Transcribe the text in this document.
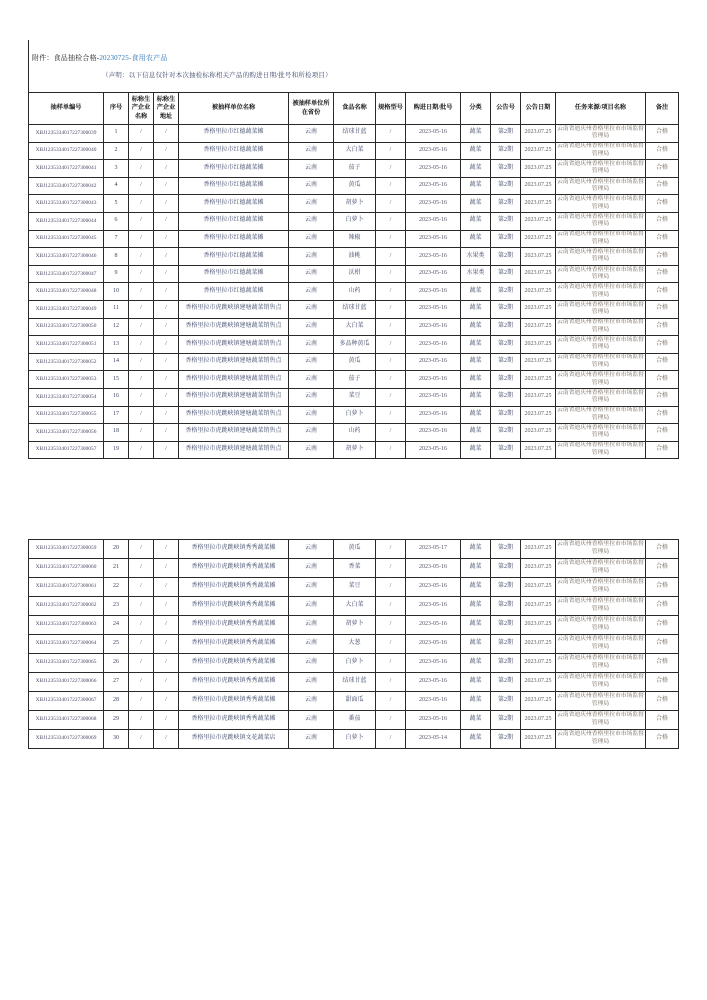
附件：食品抽检合格-20230725-食用农产品
（声明：以下信息仅针对本次抽检标称相关产品的购进日期/批号和所检项目）
抽样单编号	序号	标称生产企业名称	标称生产企业地址	被抽样单位名称	被抽样单位所在省份	食品名称	规格型号	购进日期/批号	分类	公告号	公告日期	任务来源/项目名称	备注
XBJ1235334017227300039	1	/	/	香格里拉市红德蔬菜摊	云南	结球甘蓝	/	2023-05-16	蔬菜	第2期	2023.07.25	云南省迪庆州香格里拉市市场监督管理局	合格
XBJ1235334017227300040	2	/	/	香格里拉市红德蔬菜摊	云南	大白菜	/	2023-05-16	蔬菜	第2期	2023.07.25	云南省迪庆州香格里拉市市场监督管理局	合格
XBJ1235334017227300041	3	/	/	香格里拉市红德蔬菜摊	云南	茄子	/	2023-05-16	蔬菜	第2期	2023.07.25	云南省迪庆州香格里拉市市场监督管理局	合格
XBJ1235334017227300042	4	/	/	香格里拉市红德蔬菜摊	云南	黄瓜	/	2023-05-16	蔬菜	第2期	2023.07.25	云南省迪庆州香格里拉市市场监督管理局	合格
XBJ1235334017227300043	5	/	/	香格里拉市红德蔬菜摊	云南	胡萝卜	/	2023-05-16	蔬菜	第2期	2023.07.25	云南省迪庆州香格里拉市市场监督管理局	合格
XBJ1235334017227300044	6	/	/	香格里拉市红德蔬菜摊	云南	白萝卜	/	2023-05-16	蔬菜	第2期	2023.07.25	云南省迪庆州香格里拉市市场监督管理局	合格
XBJ1235334017227300045	7	/	/	香格里拉市红德蔬菜摊	云南	辣椒	/	2023-05-16	蔬菜	第2期	2023.07.25	云南省迪庆州香格里拉市市场监督管理局	合格
XBJ1235334017227300046	8	/	/	香格里拉市红德蔬菜摊	云南	油桃	/	2023-05-16	水果类	第2期	2023.07.25	云南省迪庆州香格里拉市市场监督管理局	合格
XBJ1235334017227300047	9	/	/	香格里拉市红德蔬菜摊	云南	沃柑	/	2023-05-16	水果类	第2期	2023.07.25	云南省迪庆州香格里拉市市场监督管理局	合格
XBJ1235334017227300048	10	/	/	香格里拉市红德蔬菜摊	云南	山药	/	2023-05-16	蔬菜	第2期	2023.07.25	云南省迪庆州香格里拉市市场监督管理局	合格
XBJ1235334017227300049	11	/	/	香格里拉市虎跳峡镇建塘蔬菜销售点	云南	结球甘蓝	/	2023-05-16	蔬菜	第2期	2023.07.25	云南省迪庆州香格里拉市市场监督管理局	合格
XBJ1235334017227300050	12	/	/	香格里拉市虎跳峡镇建塘蔬菜销售点	云南	大白菜	/	2023-05-16	蔬菜	第2期	2023.07.25	云南省迪庆州香格里拉市市场监督管理局	合格
XBJ1235334017227300051	13	/	/	香格里拉市虎跳峡镇建塘蔬菜销售点	云南	多品种黄瓜	/	2023-05-16	蔬菜	第2期	2023.07.25	云南省迪庆州香格里拉市市场监督管理局	合格
XBJ1235334017227300052	14	/	/	香格里拉市虎跳峡镇建塘蔬菜销售点	云南	黄瓜	/	2023-05-16	蔬菜	第2期	2023.07.25	云南省迪庆州香格里拉市市场监督管理局	合格
XBJ1235334017227300053	15	/	/	香格里拉市虎跳峡镇建塘蔬菜销售点	云南	茄子	/	2023-05-16	蔬菜	第2期	2023.07.25	云南省迪庆州香格里拉市市场监督管理局	合格
XBJ1235334017227300054	16	/	/	香格里拉市虎跳峡镇建塘蔬菜销售点	云南	菜豆	/	2023-05-16	蔬菜	第2期	2023.07.25	云南省迪庆州香格里拉市市场监督管理局	合格
XBJ1235334017227300055	17	/	/	香格里拉市虎跳峡镇建塘蔬菜销售点	云南	白萝卜	/	2023-05-16	蔬菜	第2期	2023.07.25	云南省迪庆州香格里拉市市场监督管理局	合格
XBJ1235334017227300056	18	/	/	香格里拉市虎跳峡镇建塘蔬菜销售点	云南	山药	/	2023-05-16	蔬菜	第2期	2023.07.25	云南省迪庆州香格里拉市市场监督管理局	合格
XBJ1235334017227300057	19	/	/	香格里拉市虎跳峡镇建塘蔬菜销售点	云南	胡萝卜	/	2023-05-16	蔬菜	第2期	2023.07.25	云南省迪庆州香格里拉市市场监督管理局	合格
XBJ1235334017227300059	20	/	/	香格里拉市虎跳峡镇秀秀蔬菜摊	云南	黄瓜	/	2023-05-17	蔬菜	第2期	2023.07.25	云南省迪庆州香格里拉市市场监督管理局	合格
XBJ1235334017227300060	21	/	/	香格里拉市虎跳峡镇秀秀蔬菜摊	云南	香菜	/	2023-05-16	蔬菜	第2期	2023.07.25	云南省迪庆州香格里拉市市场监督管理局	合格
XBJ1235334017227300061	22	/	/	香格里拉市虎跳峡镇秀秀蔬菜摊	云南	菜豆	/	2023-05-16	蔬菜	第2期	2023.07.25	云南省迪庆州香格里拉市市场监督管理局	合格
XBJ1235334017227300062	23	/	/	香格里拉市虎跳峡镇秀秀蔬菜摊	云南	大白菜	/	2023-05-16	蔬菜	第2期	2023.07.25	云南省迪庆州香格里拉市市场监督管理局	合格
XBJ1235334017227300063	24	/	/	香格里拉市虎跳峡镇秀秀蔬菜摊	云南	胡萝卜	/	2023-05-16	蔬菜	第2期	2023.07.25	云南省迪庆州香格里拉市市场监督管理局	合格
XBJ1235334017227300064	25	/	/	香格里拉市虎跳峡镇秀秀蔬菜摊	云南	大葱	/	2023-05-16	蔬菜	第2期	2023.07.25	云南省迪庆州香格里拉市市场监督管理局	合格
XBJ1235334017227300065	26	/	/	香格里拉市虎跳峡镇秀秀蔬菜摊	云南	白萝卜	/	2023-05-16	蔬菜	第2期	2023.07.25	云南省迪庆州香格里拉市市场监督管理局	合格
XBJ1235334017227300066	27	/	/	香格里拉市虎跳峡镇秀秀蔬菜摊	云南	结球甘蓝	/	2023-05-16	蔬菜	第2期	2023.07.25	云南省迪庆州香格里拉市市场监督管理局	合格
XBJ1235334017227300067	28	/	/	香格里拉市虎跳峡镇秀秀蔬菜摊	云南	甜面瓜	/	2023-05-16	蔬菜	第2期	2023.07.25	云南省迪庆州香格里拉市市场监督管理局	合格
XBJ1235334017227300068	29	/	/	香格里拉市虎跳峡镇秀秀蔬菜摊	云南	番茄	/	2023-05-16	蔬菜	第2期	2023.07.25	云南省迪庆州香格里拉市市场监督管理局	合格
XBJ1235334017227300069	30	/	/	香格里拉市虎跳峡镇文花蔬菜店	云南	白萝卜	/	2023-05-14	蔬菜	第2期	2023.07.25	云南省迪庆州香格里拉市市场监督管理局	合格
